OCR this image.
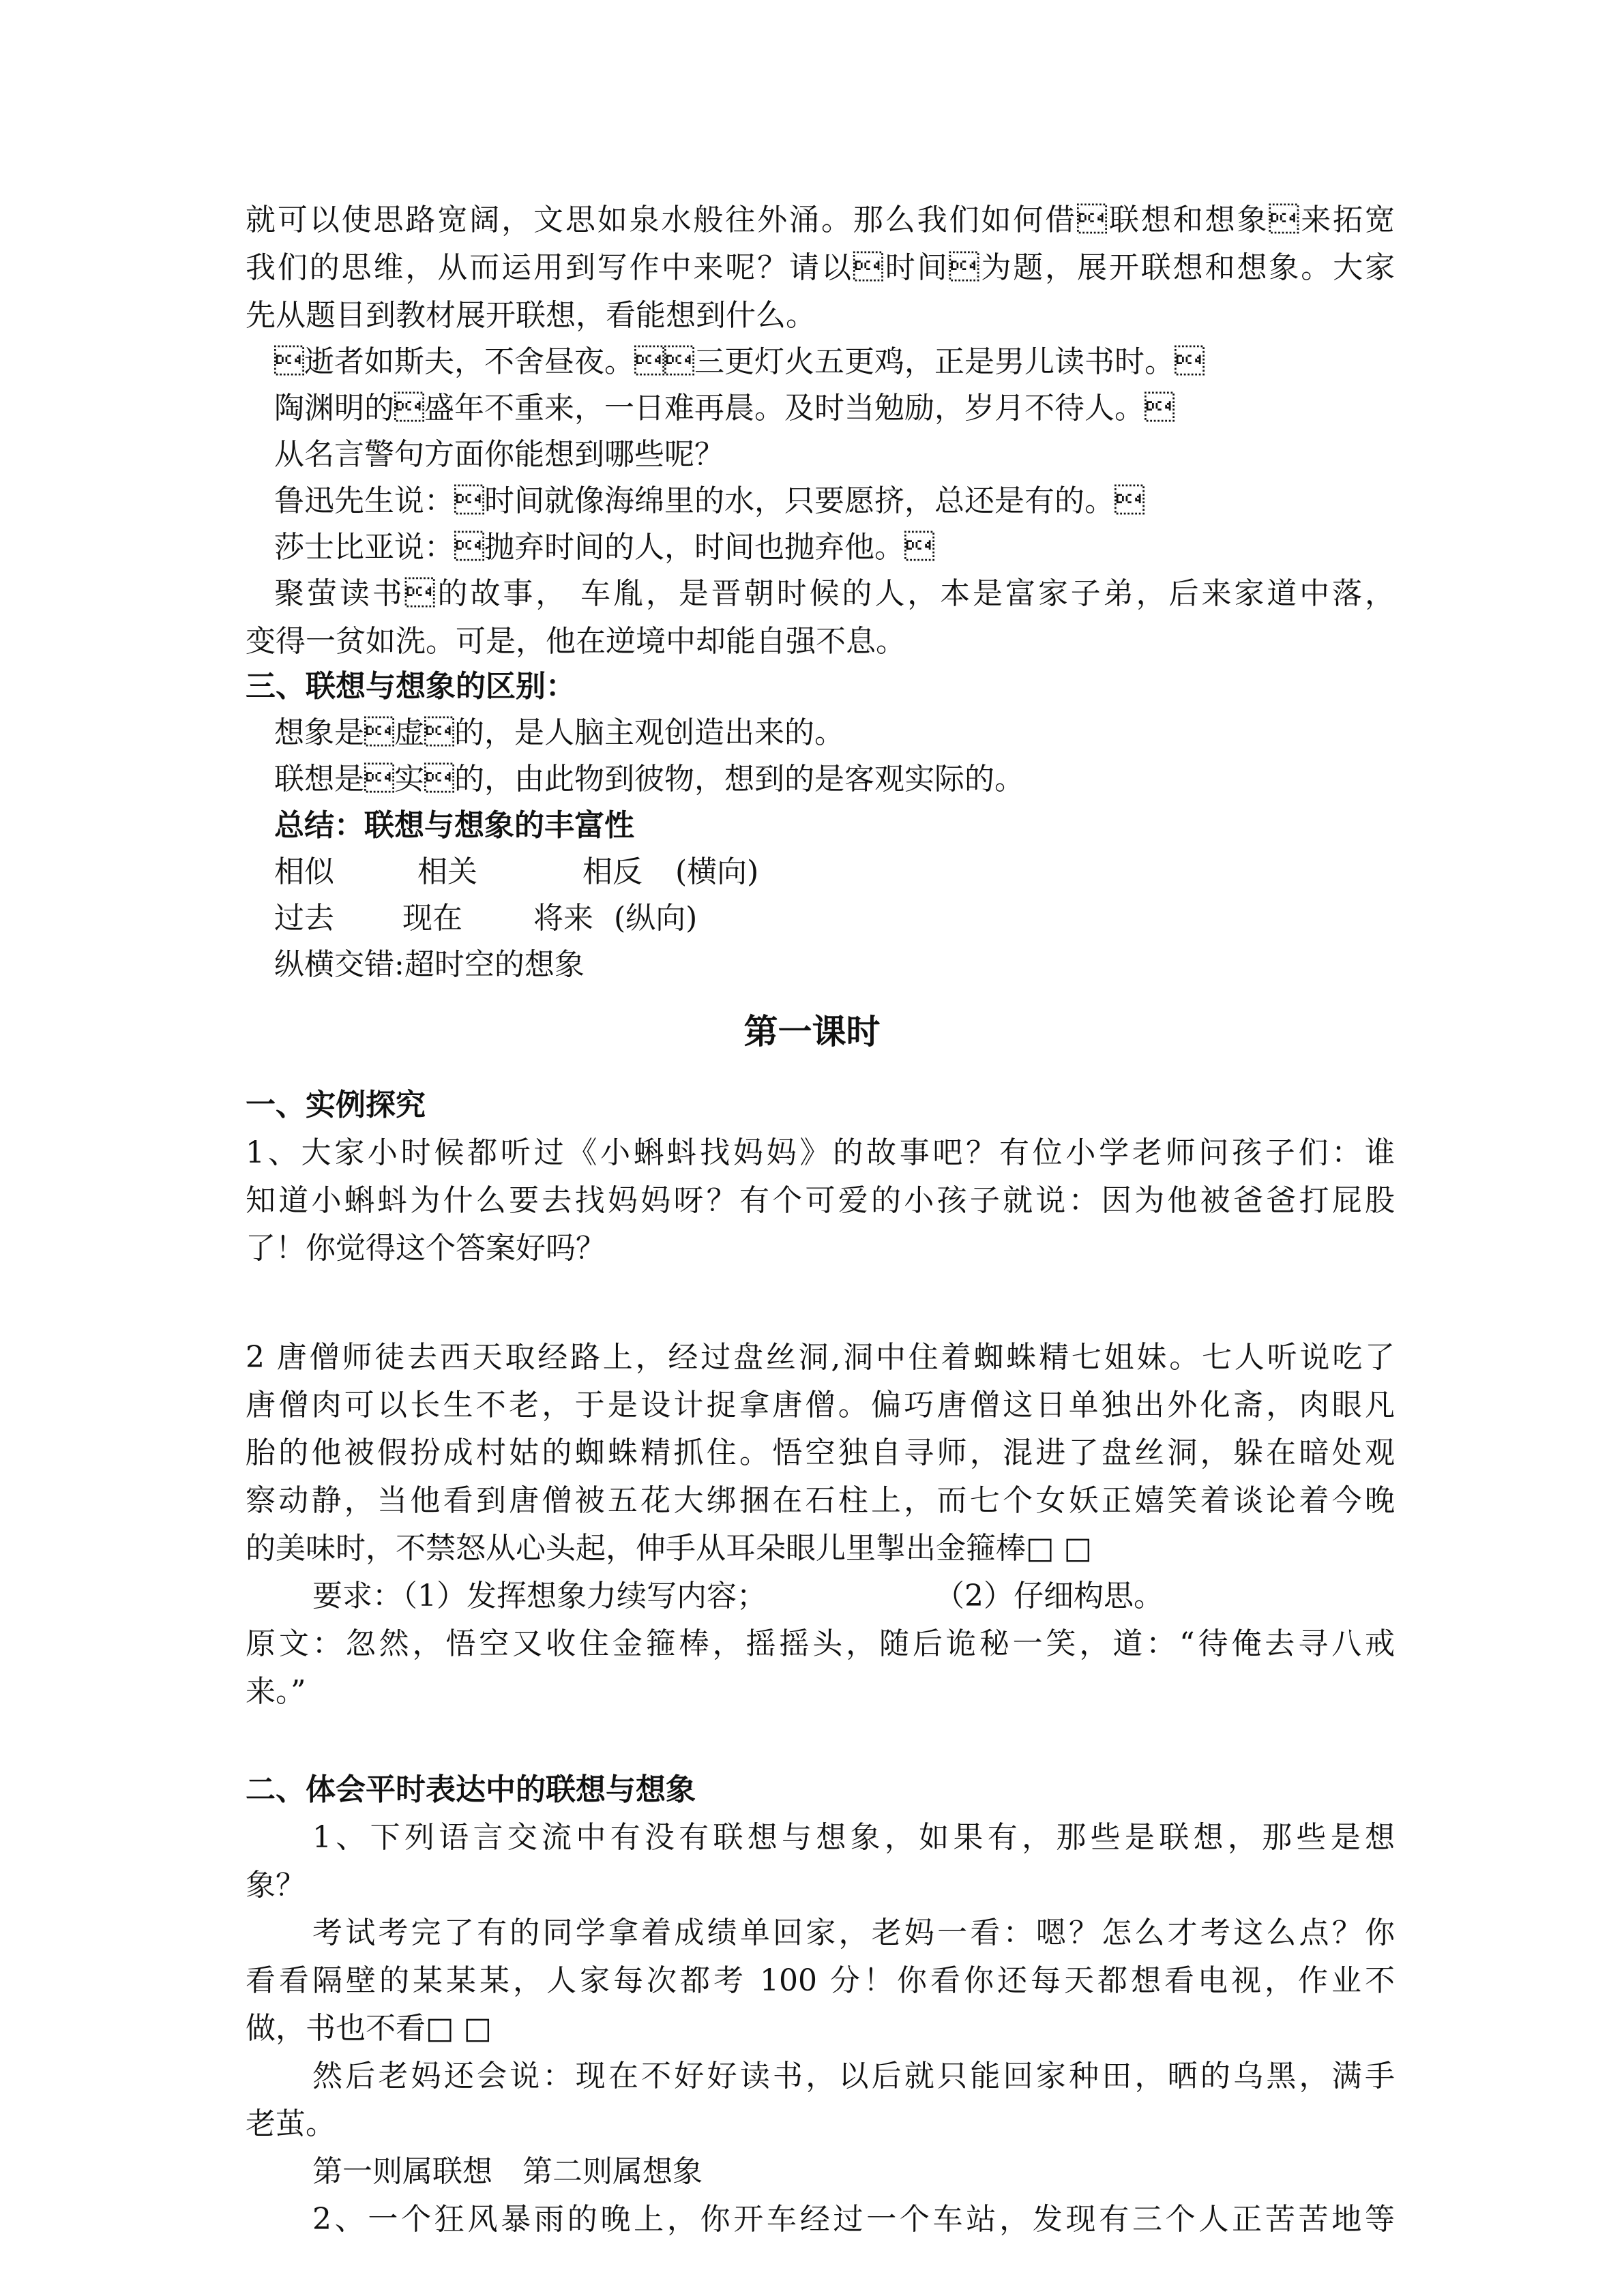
就可以使思路宽阔，文思如泉水般往外涌。那么我们如何借联想和想象来拓宽
我们的思维，从而运用到写作中来呢？请以时间为题，展开联想和想象。大家
先从题目到教材展开联想，看能想到什么。
逝者如斯夫，不舍昼夜。三更灯火五更鸡，正是男儿读书时。
陶渊明的盛年不重来，一日难再晨。及时当勉励，岁月不待人。
从名言警句方面你能想到哪些呢？
鲁迅先生说：时间就像海绵里的水，只要愿挤，总还是有的。
莎士比亚说：抛弃时间的人，时间也抛弃他。
聚萤读书的故事， 车胤，是晋朝时候的人，本是富家子弟，后来家道中落，
变得一贫如洗。可是，他在逆境中却能自强不息。
三、联想与想象的区别：
想象是虚的，是人脑主观创造出来的。
联想是实的，由此物到彼物，想到的是客观实际的。
总结：联想与想象的丰富性
相似	相关	相反 (横向)
过去 现在 将来 (纵向)
纵横交错:超时空的想象
第一课时
一、实例探究
1、大家小时候都听过《小蝌蚪找妈妈》的故事吧？有位小学老师问孩子们：谁
知道小蝌蚪为什么要去找妈妈呀？有个可爱的小孩子就说：因为他被爸爸打屁股
了！你觉得这个答案好吗？
2 唐僧师徒去西天取经路上，经过盘丝洞,洞中住着蜘蛛精七姐妹。七人听说吃了
唐僧肉可以长生不老，于是设计捉拿唐僧。偏巧唐僧这日单独出外化斋，肉眼凡
胎的他被假扮成村姑的蜘蛛精抓住。悟空独自寻师，混进了盘丝洞，躲在暗处观
察动静，当他看到唐僧被五花大绑捆在石柱上，而七个女妖正嬉笑着谈论着今晚
的美味时，不禁怒从心头起，伸手从耳朵眼儿里掣出金箍棒□ □
要求：（1）发挥想象力续写内容；	（2）仔细构思。
原文：忽然，悟空又收住金箍棒，摇摇头，随后诡秘一笑，道：“待俺去寻八戒
来。”
二、体会平时表达中的联想与想象
1、下列语言交流中有没有联想与想象，如果有，那些是联想，那些是想
象？
考试考完了有的同学拿着成绩单回家，老妈一看：嗯？怎么才考这么点？你
看看隔壁的某某某，人家每次都考 100 分！你看你还每天都想看电视，作业不
做，书也不看□ □
然后老妈还会说：现在不好好读书，以后就只能回家种田，晒的乌黑，满手
老茧。
第一则属联想　第二则属想象
2、一个狂风暴雨的晚上，你开车经过一个车站，发现有三个人正苦苦地等
